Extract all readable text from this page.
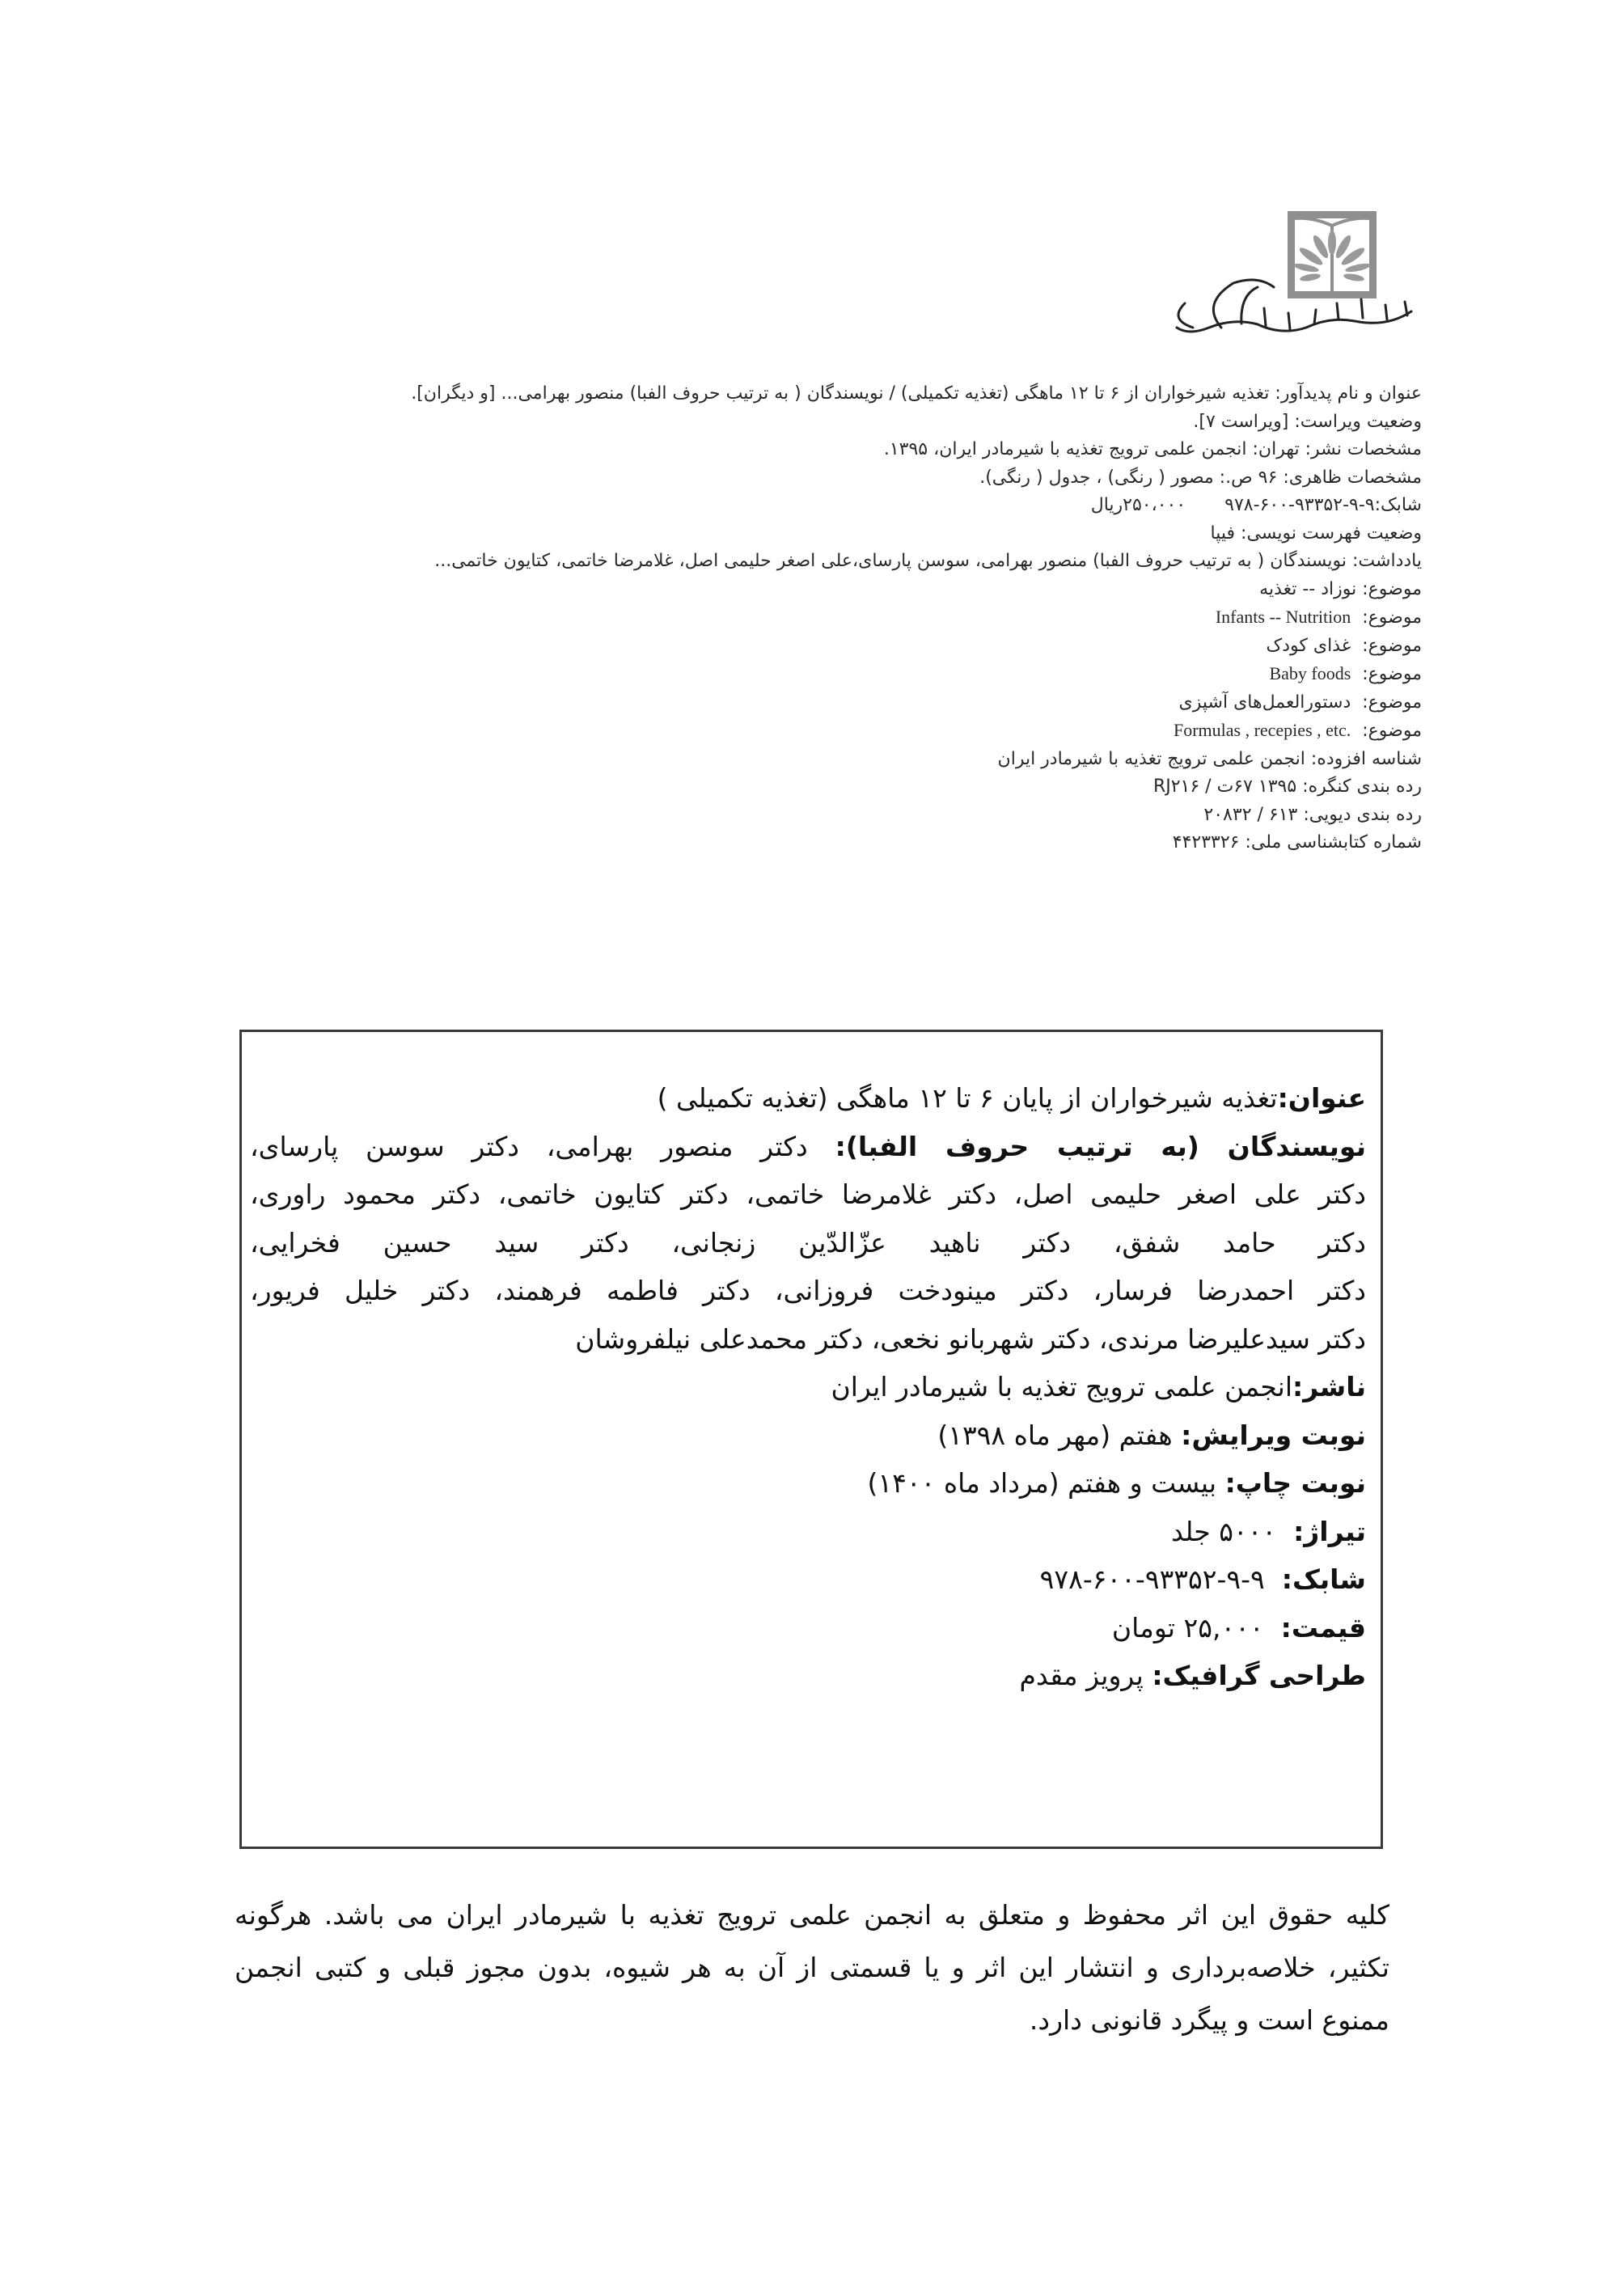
عنوان و نام پدیدآور: تغذیه شیرخواران از ۶ تا ۱۲ ماهگی (تغذیه تکمیلی) / نویسندگان ( به ترتیب حروف الفبا) منصور بهرامی... [و دیگران].
وضعیت ویراست: [ویراست ۷].
مشخصات نشر: تهران: انجمن علمی ترویج تغذیه با شیرمادر ایران، ۱۳۹۵.
مشخصات ظاهری: ۹۶ ص.: مصور ( رنگی) ، جدول ( رنگی).
شابک:۹-۹-۹۳۳۵۲-۶۰۰-۹۷۸۲۵۰،۰۰۰ریال
وضعیت فهرست نویسی: فیپا
یادداشت: نویسندگان ( به ترتیب حروف الفبا) منصور بهرامی، سوسن پارسای،علی اصغر حلیمی اصل، غلامرضا خاتمی، کتایون خاتمی...
موضوع: نوزاد -- تغذیه
موضوع:  Infants -- Nutrition
موضوع:  غذای کودک
موضوع:  Baby foods
موضوع:  دستورالعمل‌های آشپزی
موضوع:  Formulas , recepies , etc.
شناسه افزوده: انجمن علمی ترویج تغذیه با شیرمادر ایران
رده بندی کنگره: ۱۳۹۵ ۶۷ت / RJ۲۱۶
رده بندی دیویی: ۶۱۳ / ۲۰۸۳۲
شماره کتابشناسی ملی: ۴۴۲۳۳۲۶
عنوان:تغذیه شیرخواران از پایان ۶ تا ۱۲ ماهگی (تغذیه تکمیلی )
نویسندگان (به ترتیب حروف الفبا): دکتر منصور بهرامی، دکتر سوسن پارسای،
دکتر علی اصغر حلیمی اصل، دکتر غلامرضا خاتمی، دکتر کتایون خاتمی، دکتر محمود راوری،
دکتر حامد شفق، دکتر ناهید عزّالدّین زنجانی، دکتر سید حسین فخرایی،
دکتر احمدرضا فرسار، دکتر مینودخت فروزانی، دکتر فاطمه فرهمند، دکتر خلیل فریور،
دکتر سیدعلیرضا مرندی، دکتر شهربانو نخعی، دکتر محمدعلی نیلفروشان
ناشر:انجمن علمی ترویج تغذیه با شیرمادر ایران
نوبت ویرایش: هفتم (مهر ماه ۱۳۹۸)
نوبت چاپ: بیست و هفتم (مرداد ماه ۱۴۰۰)
تیراژ:  ۵۰۰۰ جلد
شابک:  ۹-۹-۹۳۳۵۲-۶۰۰-۹۷۸
قیمت:  ۲۵,۰۰۰ تومان
طراحی گرافیک: پرویز مقدم
کلیه حقوق این اثر محفوظ و متعلق به انجمن علمی ترویج تغذیه با شیرمادر ایران می باشد. هرگونه
تکثیر، خلاصه‌برداری و انتشار این اثر و یا قسمتی از آن به هر شیوه، بدون مجوز قبلی و کتبی انجمن
ممنوع است و پیگرد قانونی دارد.
